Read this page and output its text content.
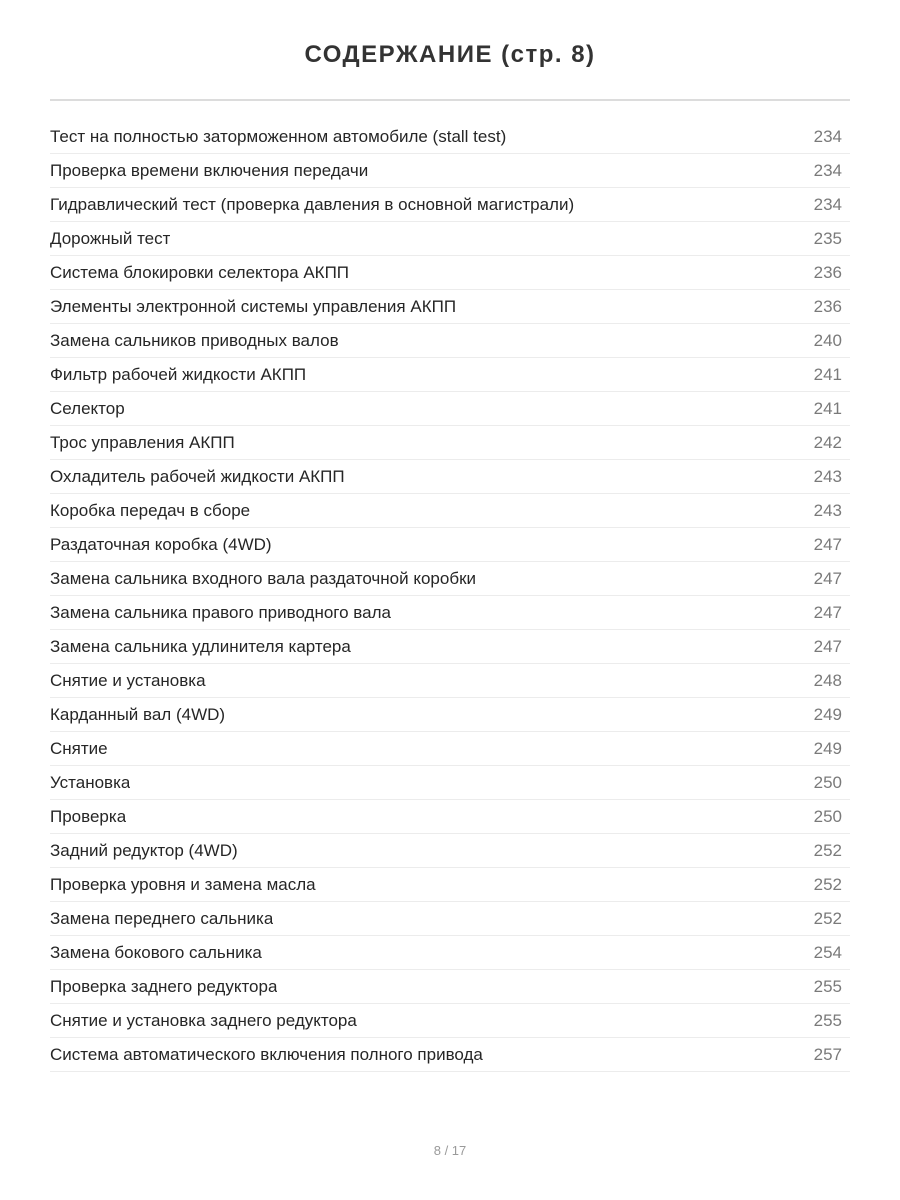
СОДЕРЖАНИЕ (стр. 8)
Тест на полностью заторможенном автомобиле (stall test)	234
Проверка времени включения передачи	234
Гидравлический тест (проверка давления в основной магистрали)	234
Дорожный тест	235
Система блокировки селектора АКПП	236
Элементы электронной системы управления АКПП	236
Замена сальников приводных валов	240
Фильтр рабочей жидкости АКПП	241
Селектор	241
Трос управления АКПП	242
Охладитель рабочей жидкости АКПП	243
Коробка передач в сборе	243
Раздаточная коробка (4WD)	247
Замена сальника входного вала раздаточной коробки	247
Замена сальника правого приводного вала	247
Замена сальника удлинителя картера	247
Снятие и установка	248
Карданный вал (4WD)	249
Снятие	249
Установка	250
Проверка	250
Задний редуктор (4WD)	252
Проверка уровня и замена масла	252
Замена переднего сальника	252
Замена бокового сальника	254
Проверка заднего редуктора	255
Снятие и установка заднего редуктора	255
Система автоматического включения полного привода	257
8 / 17
